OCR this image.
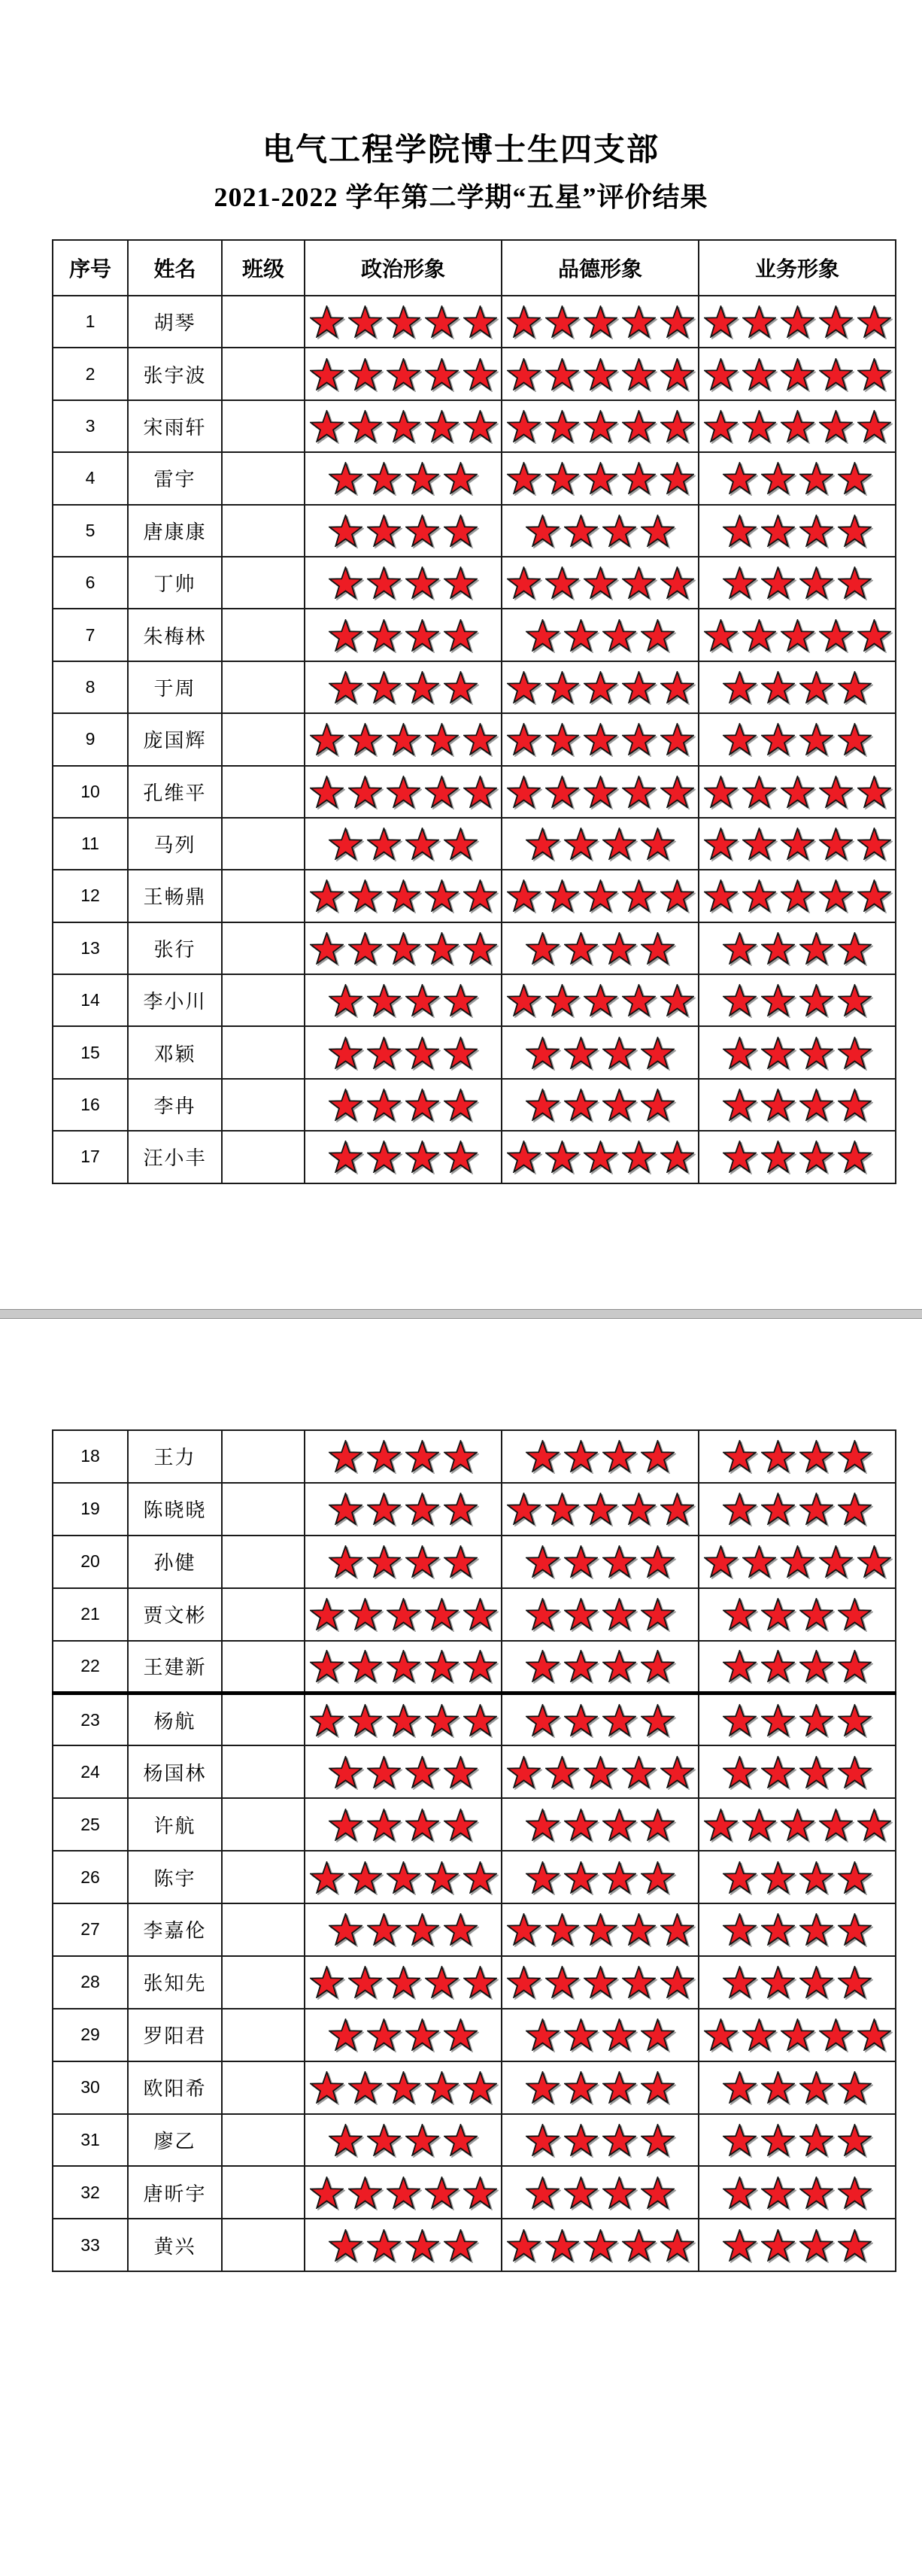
电气工程学院博士生四支部
2021-2022 学年第二学期“五星”评价结果
序号	姓名	班级	政治形象	品德形象	业务形象
1	胡琴		

2	张宇波		

3	宋雨轩		

4	雷宇		

5	唐康康		

6	丁帅		

7	朱梅林		

8	于周		

9	庞国辉		

10	孔维平		

11	马列		

12	王畅鼎		

13	张行		

14	李小川		

15	邓颖		

16	李冉		

17	汪小丰		

18	王力		

19	陈晓晓		

20	孙健		

21	贾文彬		

22	王建新		

23	杨航		

24	杨国林		

25	许航		

26	陈宇		

27	李嘉伦		

28	张知先		

29	罗阳君		

30	欧阳希		

31	廖乙		

32	唐昕宇		

33	黄兴		
